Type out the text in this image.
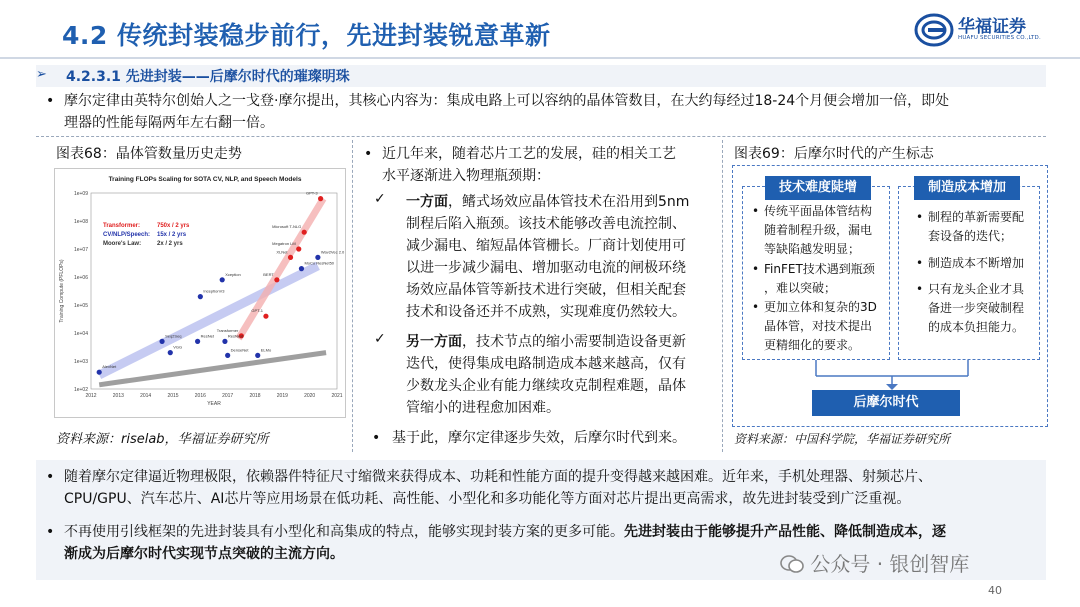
4.2 传统封装稳步前行，先进封装锐意革新	华福证券
HUAFU SECURITIES CO.,LTD.
➢ 4.2.3.1 先进封装——后摩尔时代的璀璨明珠
• 摩尔定律由英特尔创始人之一戈登·摩尔提出，其核心内容为：集成电路上可以容纳的晶体管数目，在大约每经过18-24个月便会增加一倍，即处
理器的性能每隔两年左右翻一倍。
图表68：晶体管数量历史走势
Training FLOPs Scaling for SOTA CV, NLP, and Speech Models
1e+02
1e+03
1e+04
1e+05
1e+06
1e+07
1e+08
1e+09
2012	2013	2014	2015	2016	2017	2018	2019	2020	2021
YEAR
Training Compute (PFLOPs)
Transformer
GPT-1
BERT
XLNet
Megatron LM
Microsoft T-NLG
GPT-3
AlexNet
Seq2Seq
VGG
ResNet
InceptionV3
Xception
ResNext
DenseNet	ELMo
MoCo ResNet50
Wav2Vec 2.0
Transformer:	750x / 2 yrs
CV/NLP/Speech: 15x / 2 yrs
Moore's Law:	2x / 2 yrs
资料来源：riselab，华福证券研究所
• 近几年来，随着芯片工艺的发展，硅的相关工艺
水平逐渐进入物理瓶颈期：
✓ 一方面，鳍式场效应晶体管技术在沿用到5nm
制程后陷入瓶颈。该技术能够改善电流控制、
减少漏电、缩短晶体管栅长。厂商计划使用可
以进一步减少漏电、增加驱动电流的闸极环绕
场效应晶体管等新技术进行突破，但相关配套
技术和设备还并不成熟，实现难度仍然较大。
✓ 另一方面，技术节点的缩小需要制造设备更新
迭代，使得集成电路制造成本越来越高，仅有
少数龙头企业有能力继续攻克制程难题，晶体
管缩小的进程愈加困难。
• 基于此，摩尔定律逐步失效，后摩尔时代到来。
图表69：后摩尔时代的产生标志
技术难度陡增
• 传统平面晶体管结构
随着制程升级，漏电
等缺陷越发明显；
• FinFET技术遇到瓶颈
，难以突破；
• 更加立体和复杂的3D
晶体管，对技术提出
更精细化的要求。
制造成本增加
• 制程的革新需要配
套设备的迭代；
• 制造成本不断增加
• 只有龙头企业才具
备进一步突破制程
的成本负担能力。
后摩尔时代
资料来源：中国科学院，华福证券研究所
• 随着摩尔定律逼近物理极限，依赖器件特征尺寸缩微来获得成本、功耗和性能方面的提升变得越来越困难。近年来，手机处理器、射频芯片、
CPU/GPU、汽车芯片、AI芯片等应用场景在低功耗、高性能、小型化和多功能化等方面对芯片提出更高需求，故先进封装受到广泛重视。
• 不再使用引线框架的先进封装具有小型化和高集成的特点，能够实现封装方案的更多可能。先进封装由于能够提升产品性能、降低制造成本，逐
渐成为后摩尔时代实现节点突破的主流方向。	公众号 · 银创智库
40
